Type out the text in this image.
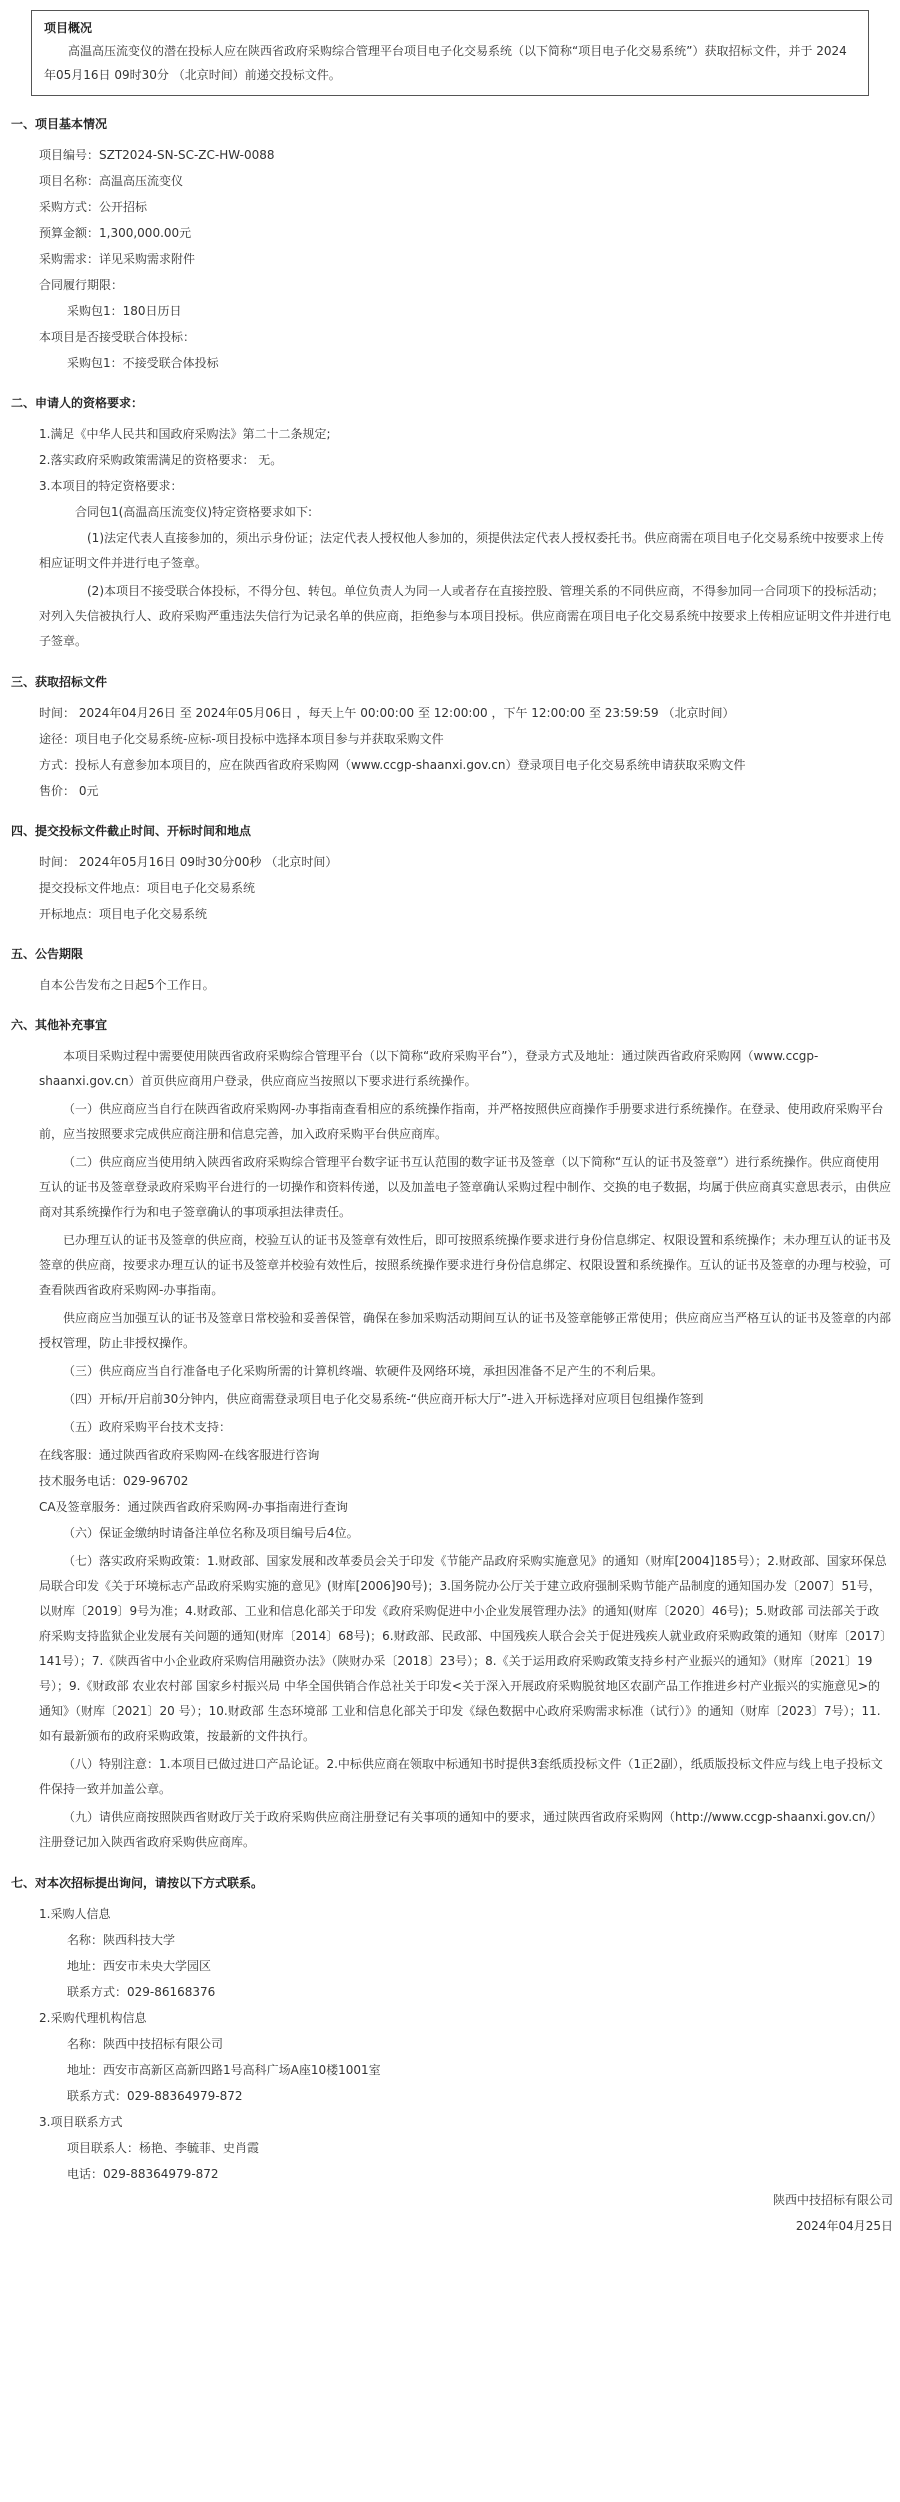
项目概况
高温高压流变仪的潜在投标人应在陕西省政府采购综合管理平台项目电子化交易系统（以下简称“项目电子化交易系统”）获取招标文件，并于 2024年05月16日 09时30分 （北京时间）前递交投标文件。
一、项目基本情况
项目编号：SZT2024-SN-SC-ZC-HW-0088
项目名称：高温高压流变仪
采购方式：公开招标
预算金额：1,300,000.00元
采购需求：详见采购需求附件
合同履行期限：
采购包1：180日历日
本项目是否接受联合体投标：
采购包1：不接受联合体投标
二、申请人的资格要求：
1.满足《中华人民共和国政府采购法》第二十二条规定;
2.落实政府采购政策需满足的资格要求： 无。
3.本项目的特定资格要求：
合同包1(高温高压流变仪)特定资格要求如下:
(1)法定代表人直接参加的，须出示身份证；法定代表人授权他人参加的，须提供法定代表人授权委托书。供应商需在项目电子化交易系统中按要求上传相应证明文件并进行电子签章。
(2)本项目不接受联合体投标，不得分包、转包。单位负责人为同一人或者存在直接控股、管理关系的不同供应商，不得参加同一合同项下的投标活动；对列入失信被执行人、政府采购严重违法失信行为记录名单的供应商，拒绝参与本项目投标。供应商需在项目电子化交易系统中按要求上传相应证明文件并进行电子签章。
三、获取招标文件
时间： 2024年04月26日 至 2024年05月06日 ，每天上午 00:00:00 至 12:00:00 ，下午 12:00:00 至 23:59:59 （北京时间）
途径：项目电子化交易系统-应标-项目投标中选择本项目参与并获取采购文件
方式：投标人有意参加本项目的，应在陕西省政府采购网（www.ccgp-shaanxi.gov.cn）登录项目电子化交易系统申请获取采购文件
售价： 0元
四、提交投标文件截止时间、开标时间和地点
时间： 2024年05月16日 09时30分00秒 （北京时间）
提交投标文件地点：项目电子化交易系统
开标地点：项目电子化交易系统
五、公告期限
自本公告发布之日起5个工作日。
六、其他补充事宜
本项目采购过程中需要使用陕西省政府采购综合管理平台（以下简称“政府采购平台”），登录方式及地址：通过陕西省政府采购网（www.ccgp-shaanxi.gov.cn）首页供应商用户登录，供应商应当按照以下要求进行系统操作。
（一）供应商应当自行在陕西省政府采购网-办事指南查看相应的系统操作指南，并严格按照供应商操作手册要求进行系统操作。在登录、使用政府采购平台前，应当按照要求完成供应商注册和信息完善，加入政府采购平台供应商库。
（二）供应商应当使用纳入陕西省政府采购综合管理平台数字证书互认范围的数字证书及签章（以下简称“互认的证书及签章”）进行系统操作。供应商使用互认的证书及签章登录政府采购平台进行的一切操作和资料传递，以及加盖电子签章确认采购过程中制作、交换的电子数据，均属于供应商真实意思表示，由供应商对其系统操作行为和电子签章确认的事项承担法律责任。
已办理互认的证书及签章的供应商，校验互认的证书及签章有效性后，即可按照系统操作要求进行身份信息绑定、权限设置和系统操作；未办理互认的证书及签章的供应商，按要求办理互认的证书及签章并校验有效性后，按照系统操作要求进行身份信息绑定、权限设置和系统操作。互认的证书及签章的办理与校验，可查看陕西省政府采购网-办事指南。
供应商应当加强互认的证书及签章日常校验和妥善保管，确保在参加采购活动期间互认的证书及签章能够正常使用；供应商应当严格互认的证书及签章的内部授权管理，防止非授权操作。
（三）供应商应当自行准备电子化采购所需的计算机终端、软硬件及网络环境，承担因准备不足产生的不利后果。
（四）开标/开启前30分钟内，供应商需登录项目电子化交易系统-“供应商开标大厅”-进入开标选择对应项目包组操作签到
（五）政府采购平台技术支持：
在线客服：通过陕西省政府采购网-在线客服进行咨询
技术服务电话：029-96702
CA及签章服务：通过陕西省政府采购网-办事指南进行查询
（六）保证金缴纳时请备注单位名称及项目编号后4位。
（七）落实政府采购政策：1.财政部、国家发展和改革委员会关于印发《节能产品政府采购实施意见》的通知（财库[2004]185号）；2.财政部、国家环保总局联合印发《关于环境标志产品政府采购实施的意见》(财库[2006]90号)；3.国务院办公厅关于建立政府强制采购节能产品制度的通知国办发〔2007〕51号，以财库〔2019〕9号为准；4.财政部、工业和信息化部关于印发《政府采购促进中小企业发展管理办法》的通知(财库〔2020〕46号)；5.财政部 司法部关于政府采购支持监狱企业发展有关问题的通知(财库〔2014〕68号)；6.财政部、民政部、中国残疾人联合会关于促进残疾人就业政府采购政策的通知（财库〔2017〕141号）；7.《陕西省中小企业政府采购信用融资办法》（陕财办采〔2018〕23号）；8.《关于运用政府采购政策支持乡村产业振兴的通知》（财库〔2021〕19号）；9.《财政部 农业农村部 国家乡村振兴局 中华全国供销合作总社关于印发<关于深入开展政府采购脱贫地区农副产品工作推进乡村产业振兴的实施意见>的通知》（财库〔2021〕20 号）；10.财政部 生态环境部 工业和信息化部关于印发《绿色数据中心政府采购需求标准（试行）》的通知（财库〔2023〕7号）；11.如有最新颁布的政府采购政策，按最新的文件执行。
（八）特别注意：1.本项目已做过进口产品论证。2.中标供应商在领取中标通知书时提供3套纸质投标文件（1正2副），纸质版投标文件应与线上电子投标文件保持一致并加盖公章。
（九）请供应商按照陕西省财政厅关于政府采购供应商注册登记有关事项的通知中的要求，通过陕西省政府采购网（http://www.ccgp-shaanxi.gov.cn/）注册登记加入陕西省政府采购供应商库。
七、对本次招标提出询问，请按以下方式联系。
1.采购人信息
名称：陕西科技大学
地址：西安市未央大学园区
联系方式：029-86168376
2.采购代理机构信息
名称：陕西中技招标有限公司
地址：西安市高新区高新四路1号高科广场A座10楼1001室
联系方式：029-88364979-872
3.项目联系方式
项目联系人：杨艳、李毓菲、史肖霞
电话：029-88364979-872
陕西中技招标有限公司
2024年04月25日
